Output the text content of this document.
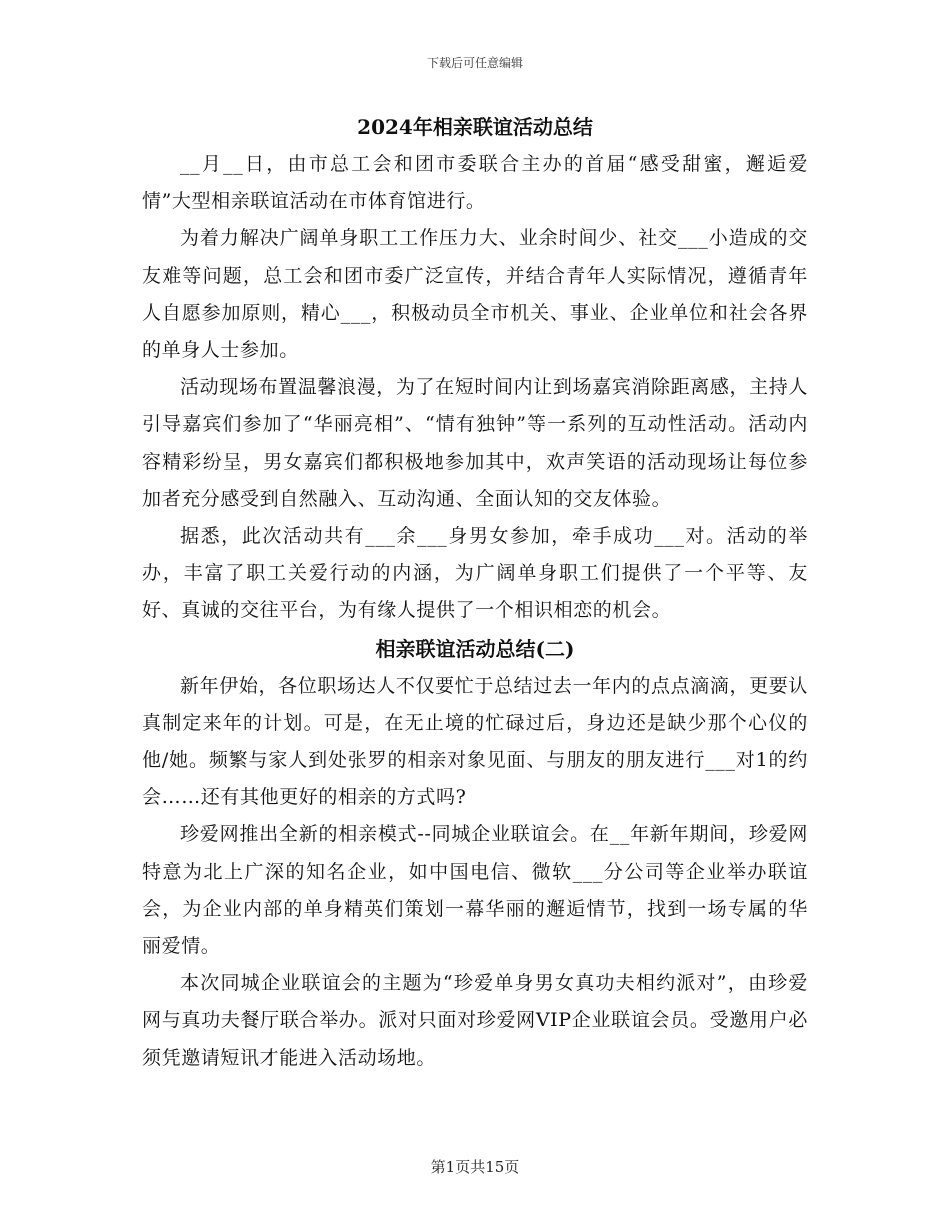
下载后可任意编辑
2024年相亲联谊活动总结

__月__日，由市总工会和团市委联合主办的首届“感受甜蜜，邂逅爱情”大型相亲联谊活动在市体育馆进行。

为着力解决广阔单身职工工作压力大、业余时间少、社交___小造成的交友难等问题，总工会和团市委广泛宣传，并结合青年人实际情况，遵循青年人自愿参加原则，精心___，积极动员全市机关、事业、企业单位和社会各界的单身人士参加。

活动现场布置温馨浪漫，为了在短时间内让到场嘉宾消除距离感，主持人引导嘉宾们参加了“华丽亮相”、“情有独钟”等一系列的互动性活动。活动内容精彩纷呈，男女嘉宾们都积极地参加其中，欢声笑语的活动现场让每位参加者充分感受到自然融入、互动沟通、全面认知的交友体验。

据悉，此次活动共有___余___身男女参加，牵手成功___对。活动的举办，丰富了职工关爱行动的内涵，为广阔单身职工们提供了一个平等、友好、真诚的交往平台，为有缘人提供了一个相识相恋的机会。

相亲联谊活动总结(二)

新年伊始，各位职场达人不仅要忙于总结过去一年内的点点滴滴，更要认真制定来年的计划。可是，在无止境的忙碌过后，身边还是缺少那个心仪的他/她。频繁与家人到处张罗的相亲对象见面、与朋友的朋友进行___对1的约会……还有其他更好的相亲的方式吗?

珍爱网推出全新的相亲模式--同城企业联谊会。在__年新年期间，珍爱网特意为北上广深的知名企业，如中国电信、微软___分公司等企业举办联谊会，为企业内部的单身精英们策划一幕华丽的邂逅情节，找到一场专属的华丽爱情。

本次同城企业联谊会的主题为“珍爱单身男女真功夫相约派对”，由珍爱网与真功夫餐厅联合举办。派对只面对珍爱网VIP企业联谊会员。受邀用户必须凭邀请短讯才能进入活动场地。

第1页共15页
